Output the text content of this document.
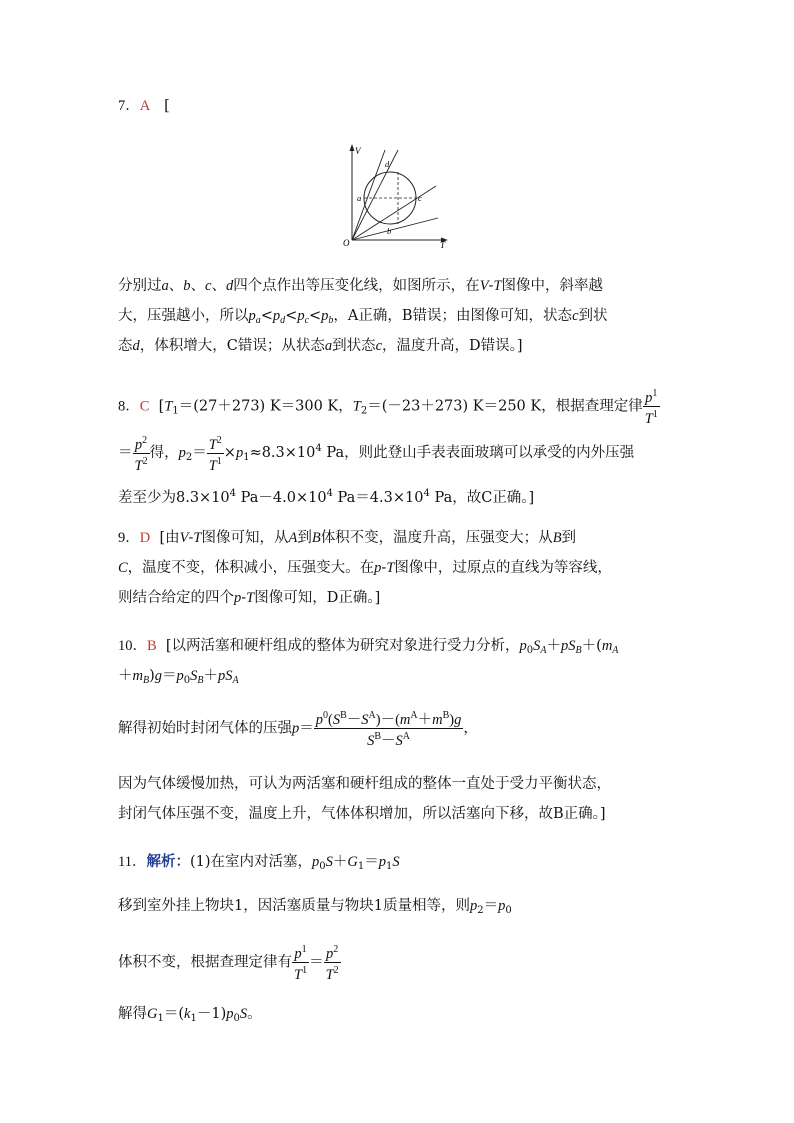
7．A [
V
T
O
a
b
c
d
分别过a、b、c、d四个点作出等压变化线，如图所示，在V-T图像中，斜率越
大，压强越小，所以$p_a<p_d<p_c<p_b$，A正确，B错误；由图像可知，状态c到状
态d，体积增大，C错误；从状态a到状态c，温度升高，D错误。]
8．C  [$T_1=(27+273)$ K＝300 K，$T_2=(-23+273)$ K＝250 K，根据查理定律 $\frac{p^1}{T^1}$
＝ $\frac{p^2}{T^2}$ 得，$p_2= \frac{T^2}{T^1} \times p_1\approx 8.3\times 10^4$ Pa，则此登山手表表面玻璃可以承受的内外压强
差至少为$8.3\times 10^4$ $Pa-4.0\times 10^4$ $Pa=4.3\times 10^4$ Pa，故C正确。]
9．D  [由V-T图像可知，从A到B体积不变，温度升高，压强变大；从B到
C，温度不变，体积减小，压强变大。在p-T图像中，过原点的直线为等容线，
则结合给定的四个p-T图像可知，D正确。]
10．B  [以两活塞和硬杆组成的整体为研究对象进行受力分析，$p_0S_A+pS_B+(m_A$
$+m_B)g=p_0S_B+pS_A$
解得初始时封闭气体的压强$p= \frac{p^0(S^B-S^A)-(m^A+m^B)g}{S^B-S^A}$ ，
因为气体缓慢加热，可认为两活塞和硬杆组成的整体一直处于受力平衡状态，
封闭气体压强不变，温度上升，气体体积增加，所以活塞向下移，故B正确。]
11．解析：(1)在室内对活塞，$p_0S+G_1=p_1S$
移到室外挂上物块1，因活塞质量与物块1质量相等，则$p_2=p_0$
体积不变，根据查理定律有 $\frac{p^1}{T^1} = \frac{p^2}{T^2}$
解得$G_1=(k_1-1)p_0S$。
